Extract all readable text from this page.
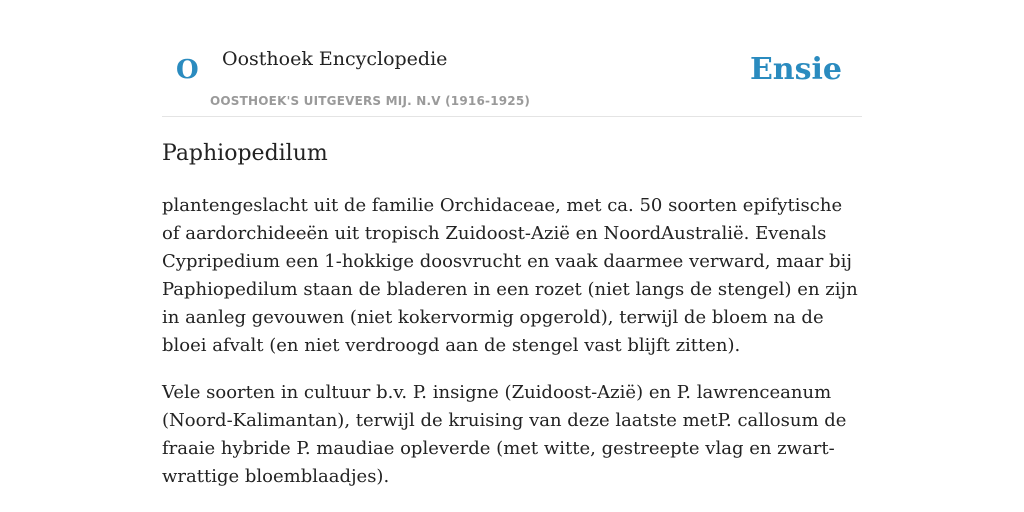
O Oosthoek Encyclopedie
OOSTHOEK'S UITGEVERS MIJ. N.V (1916-1925)
Ensie
Paphiopedilum

plantengeslacht uit de familie Orchidaceae, met ca. 50 soorten epifytische of aardorchideeën uit tropisch Zuidoost-Azië en NoordAustralië. Evenals Cypripedium een 1-hokkige doosvrucht en vaak daarmee verward, maar bij Paphiopedilum staan de bladeren in een rozet (niet langs de stengel) en zijn in aanleg gevouwen (niet kokervormig opgerold), terwijl de bloem na de bloei afvalt (en niet verdroogd aan de stengel vast blijft zitten).

Vele soorten in cultuur b.v. P. insigne (Zuidoost-Azië) en P. lawrenceanum (Noord-Kalimantan), terwijl de kruising van deze laatste metP. callosum de fraaie hybride P. maudiae opleverde (met witte, gestreepte vlag en zwart-wrattige bloemblaadjes).
